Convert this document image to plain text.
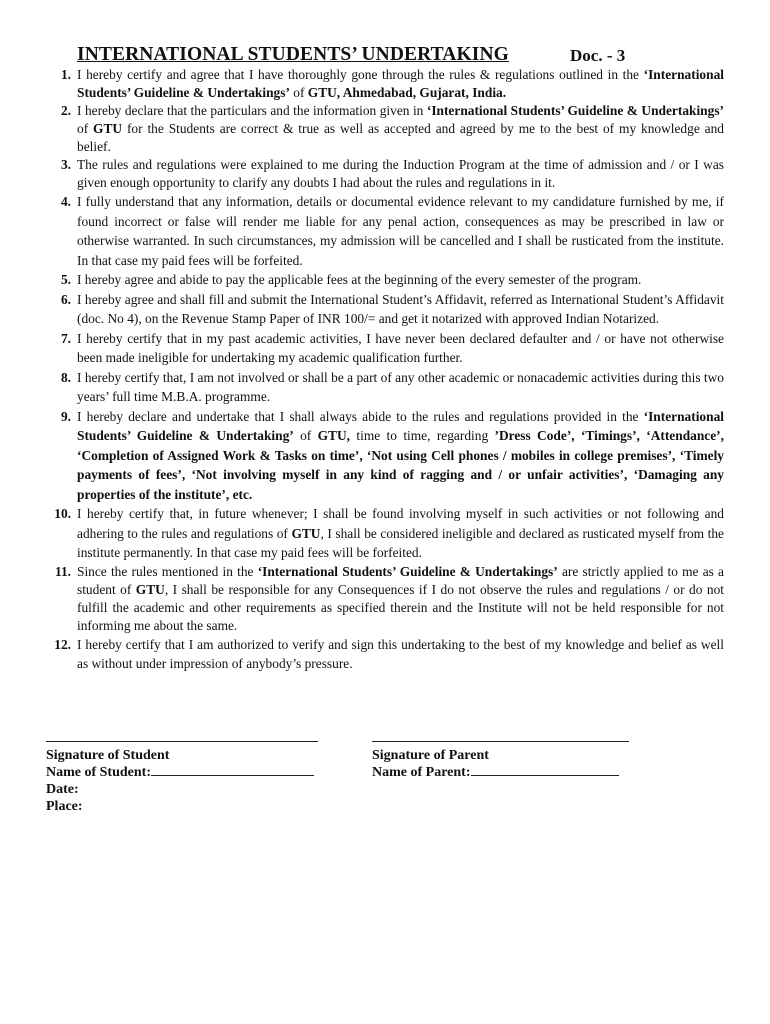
INTERNATIONAL STUDENTS’ UNDERTAKING	Doc. - 3
1. I hereby certify and agree that I have thoroughly gone through the rules & regulations outlined in the ‘International Students’ Guideline & Undertakings’ of GTU, Ahmedabad, Gujarat, India.
2. I hereby declare that the particulars and the information given in ‘International Students’ Guideline & Undertakings’ of GTU for the Students are correct & true as well as accepted and agreed by me to the best of my knowledge and belief.
3. The rules and regulations were explained to me during the Induction Program at the time of admission and / or I was given enough opportunity to clarify any doubts I had about the rules and regulations in it.
4. I fully understand that any information, details or documental evidence relevant to my candidature furnished by me, if found incorrect or false will render me liable for any penal action, consequences as may be prescribed in law or otherwise warranted. In such circumstances, my admission will be cancelled and I shall be rusticated from the institute. In that case my paid fees will be forfeited.
5. I hereby agree and abide to pay the applicable fees at the beginning of the every semester of the program.
6. I hereby agree and shall fill and submit the International Student’s Affidavit, referred as International Student’s Affidavit (doc. No 4), on the Revenue Stamp Paper of INR 100/= and get it notarized with approved Indian Notarized.
7. I hereby certify that in my past academic activities, I have never been declared defaulter and / or have not otherwise been made ineligible for undertaking my academic qualification further.
8. I hereby certify that, I am not involved or shall be a part of any other academic or nonacademic activities during this two years’ full time M.B.A. programme.
9. I hereby declare and undertake that I shall always abide to the rules and regulations provided in the ‘International Students’ Guideline & Undertaking’ of GTU, time to time, regarding ’Dress Code’, ‘Timings’, ‘Attendance’, ‘Completion of Assigned Work & Tasks on time’, ‘Not using Cell phones / mobiles in college premises’, ‘Timely payments of fees’, ‘Not involving myself in any kind of ragging and / or unfair activities’, ‘Damaging any properties of the institute’, etc.
10. I hereby certify that, in future whenever; I shall be found involving myself in such activities or not following and adhering to the rules and regulations of GTU, I shall be considered ineligible and declared as rusticated myself from the institute permanently. In that case my paid fees will be forfeited.
11. Since the rules mentioned in the ‘International Students’ Guideline & Undertakings’ are strictly applied to me as a student of GTU, I shall be responsible for any Consequences if I do not observe the rules and regulations / or do not fulfill the academic and other requirements as specified therein and the Institute will not be held responsible for not informing me about the same.
12. I hereby certify that I am authorized to verify and sign this undertaking to the best of my knowledge and belief as well as without under impression of anybody’s pressure.
Signature of Student
Name of Student:
Date:
Place:
Signature of Parent
Name of Parent:
